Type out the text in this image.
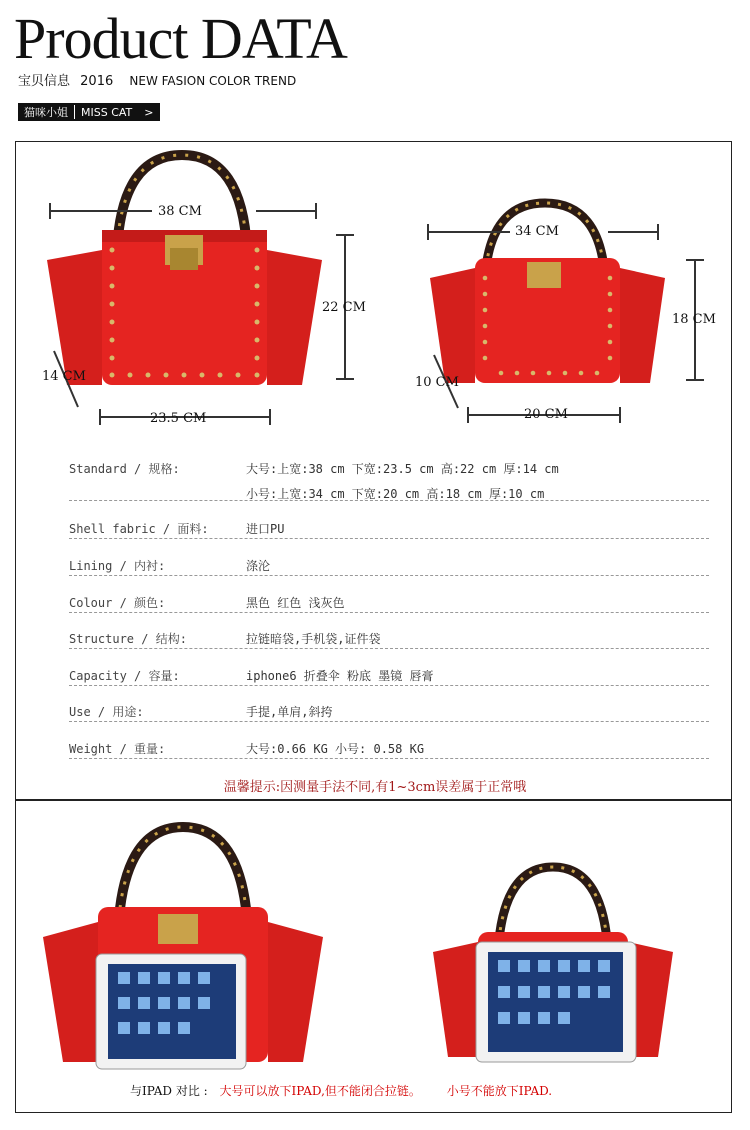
Product DATA
宝贝信息 2016 NEW FASION COLOR TREND
猫咪小姐	MISS CAT	>
38 CM
22 CM
14 CM
23.5 CM
34 CM
18 CM
10 CM
20 CM
Standard / 规格:	大号:上宽:38 cm 下宽:23.5 cm 高:22 cm 厚:14 cm
小号:上宽:34 cm 下宽:20 cm 高:18 cm 厚:10 cm
Shell fabric / 面料:	进口PU
Lining / 内衬:	涤沦
Colour / 颜色:	黑色 红色 浅灰色
Structure / 结构:	拉链暗袋,手机袋,证件袋
Capacity / 容量:	iphone6 折叠伞 粉底 墨镜 唇膏
Use / 用途:	手提,单肩,斜挎
Weight / 重量:	大号:0.66 KG 小号: 0.58 KG
温馨提示:因测量手法不同,有1~3cm误差属于正常哦
与IPAD 对比 : 大号可以放下IPAD,但不能闭合拉链。 小号不能放下IPAD.
